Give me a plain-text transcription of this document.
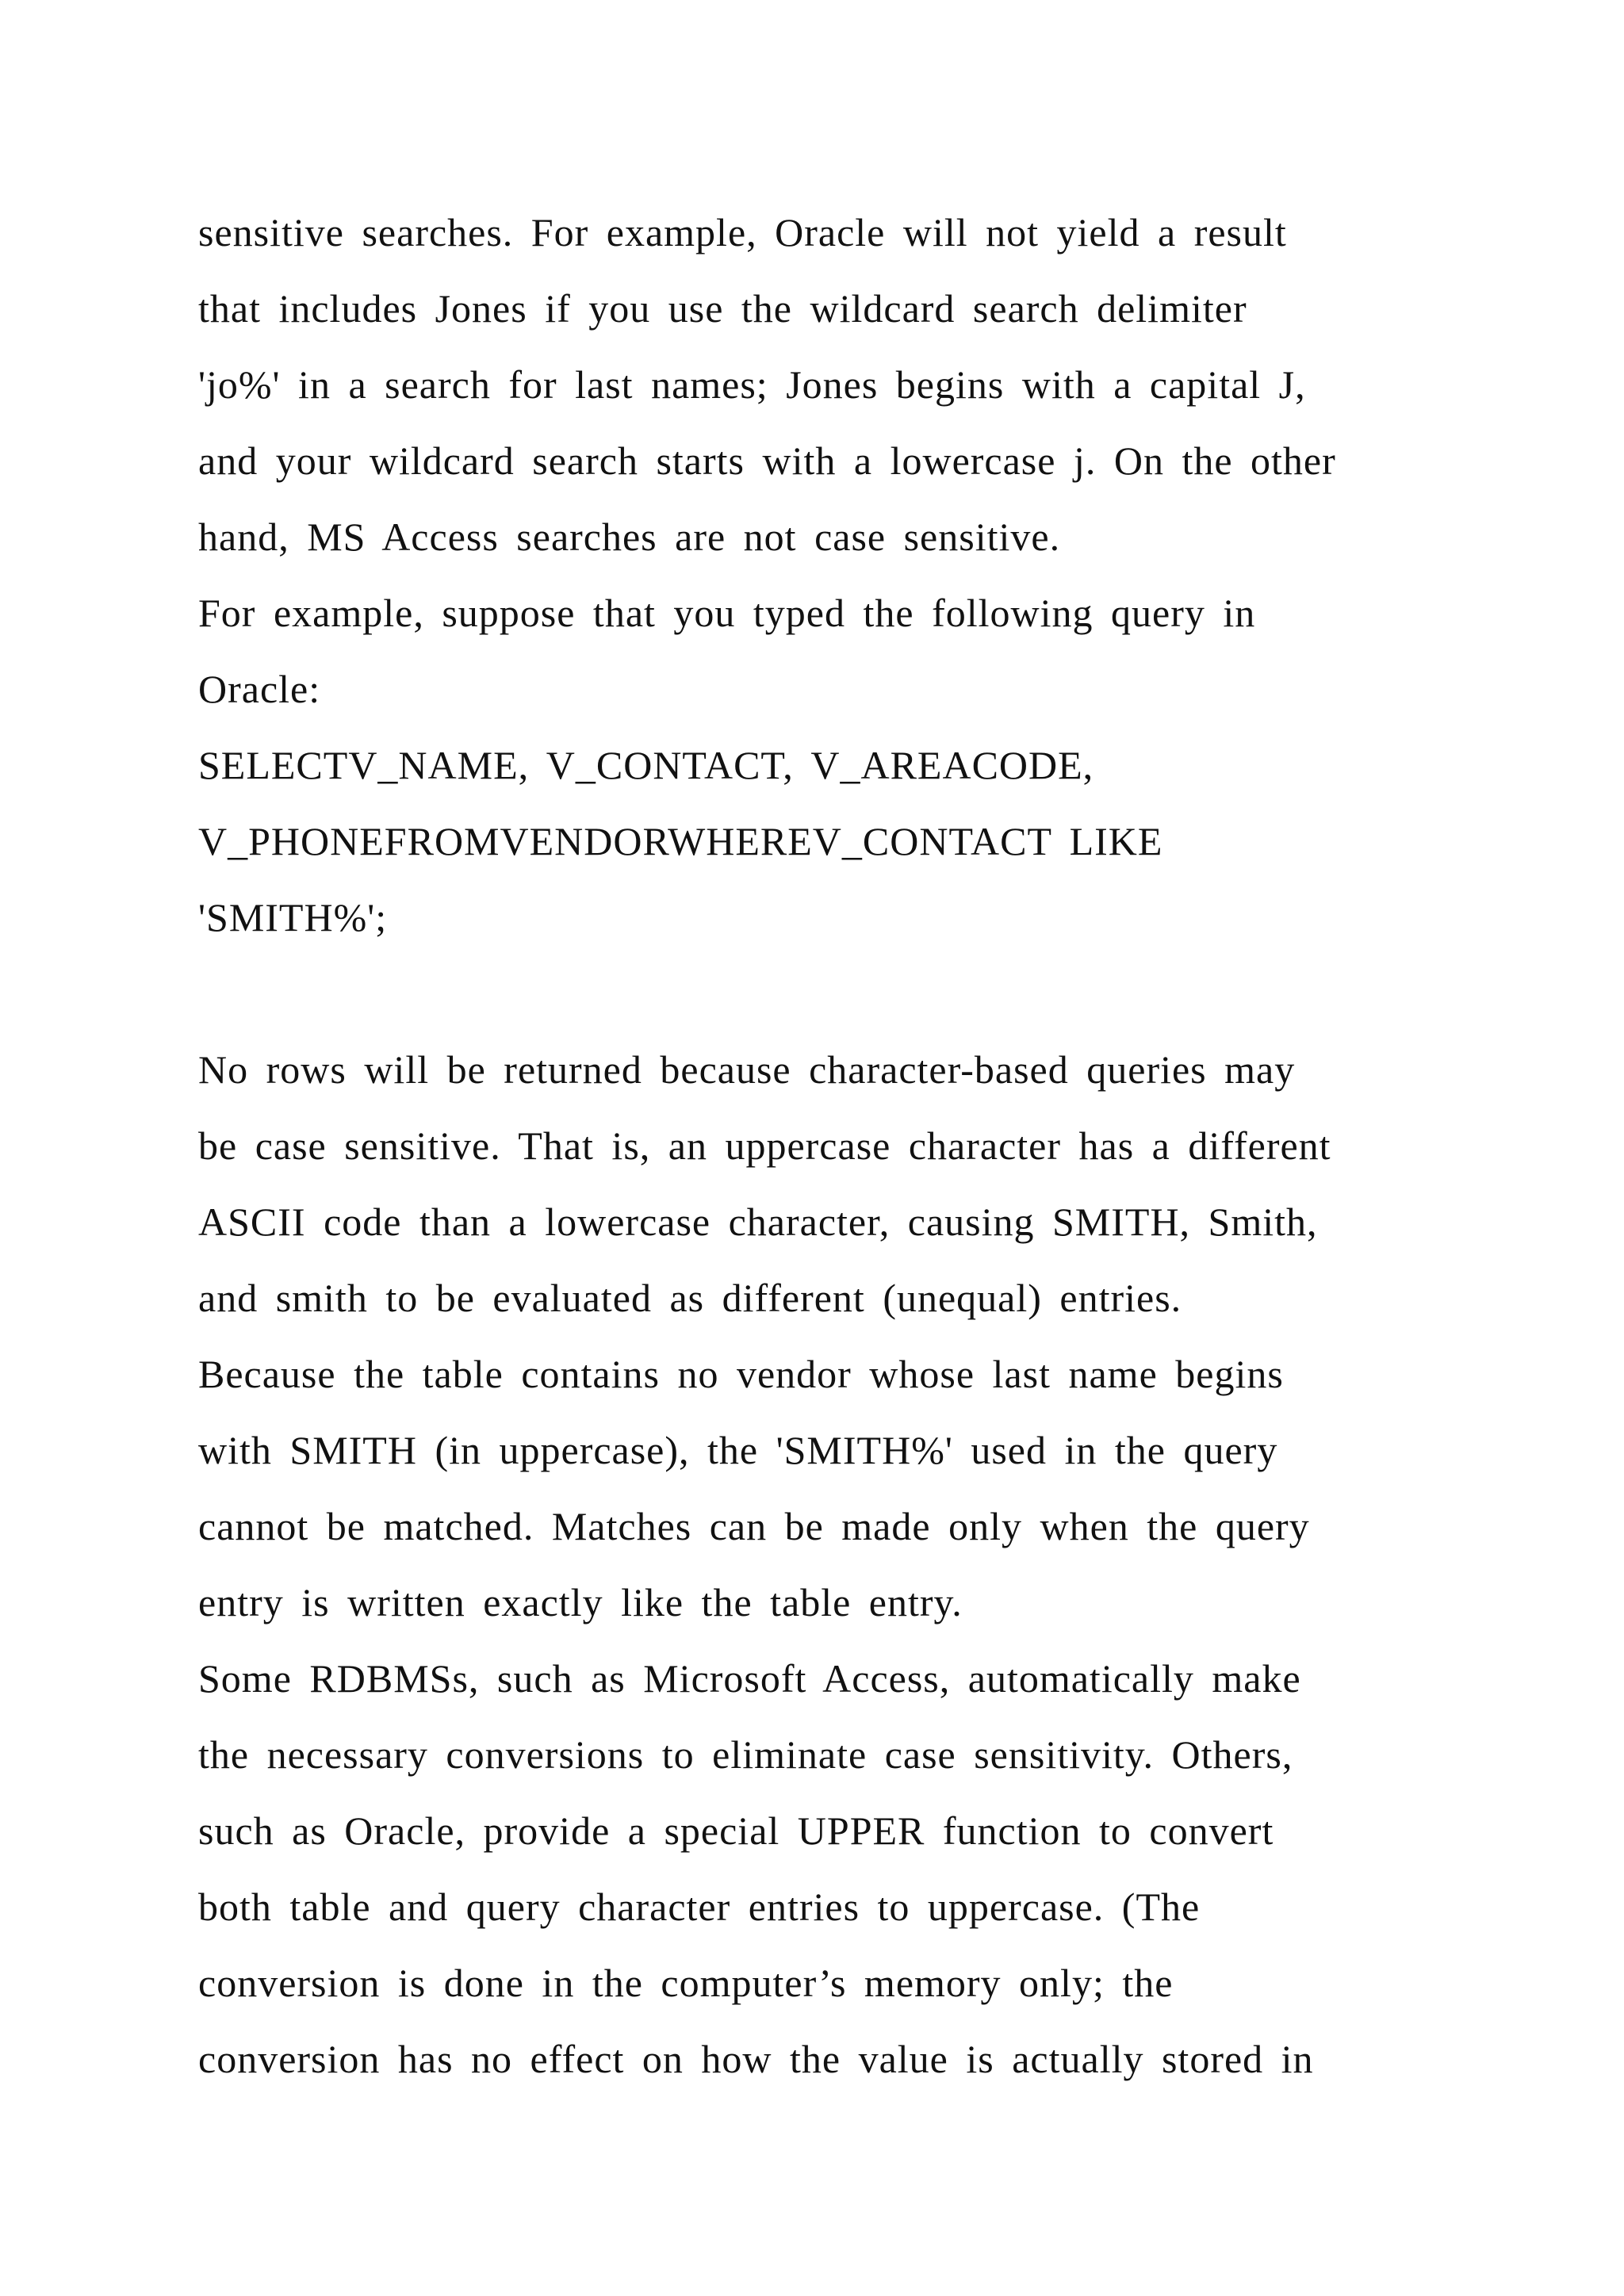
sensitive searches. For example, Oracle will not yield a result
that includes Jones if you use the wildcard search delimiter
'jo%' in a search for last names; Jones begins with a capital J,
and your wildcard search starts with a lowercase j. On the other
hand, MS Access searches are not case sensitive.
For example, suppose that you typed the following query in
Oracle:
SELECTV_NAME, V_CONTACT, V_AREACODE,
V_PHONEFROMVENDORWHEREV_CONTACT LIKE
'SMITH%';
No rows will be returned because character-based queries may
be case sensitive. That is, an uppercase character has a different
ASCII code than a lowercase character, causing SMITH, Smith,
and smith to be evaluated as different (unequal) entries.
Because the table contains no vendor whose last name begins
with SMITH (in uppercase), the 'SMITH%' used in the query
cannot be matched. Matches can be made only when the query
entry is written exactly like the table entry.
Some RDBMSs, such as Microsoft Access, automatically make
the necessary conversions to eliminate case sensitivity. Others,
such as Oracle, provide a special UPPER function to convert
both table and query character entries to uppercase. (The
conversion is done in the computer’s memory only; the
conversion has no effect on how the value is actually stored in
